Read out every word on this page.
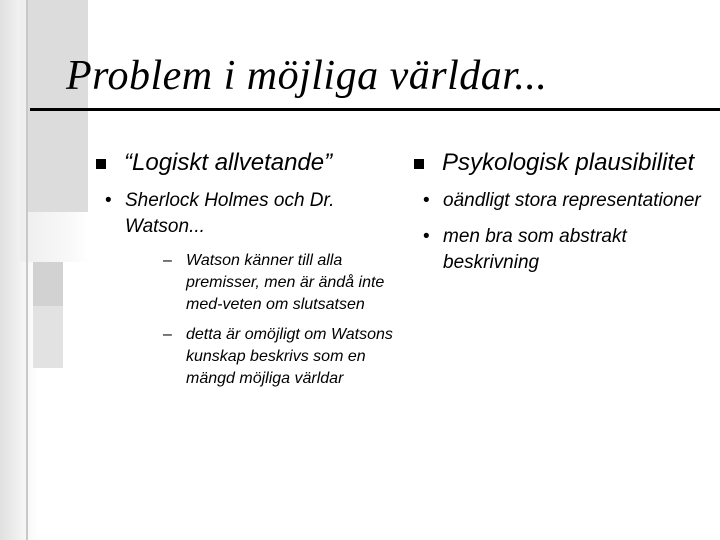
Problem i möjliga världar...
“Logiskt allvetande”
• Sherlock Holmes och Dr. Watson...
– Watson känner till alla premisser, men är ändå inte med-veten om slutsatsen
– detta är omöjligt om Watsons kunskap beskrivs som en mängd möjliga världar
Psykologisk plausibilitet
• oändligt stora representationer
• men bra som abstrakt beskrivning
